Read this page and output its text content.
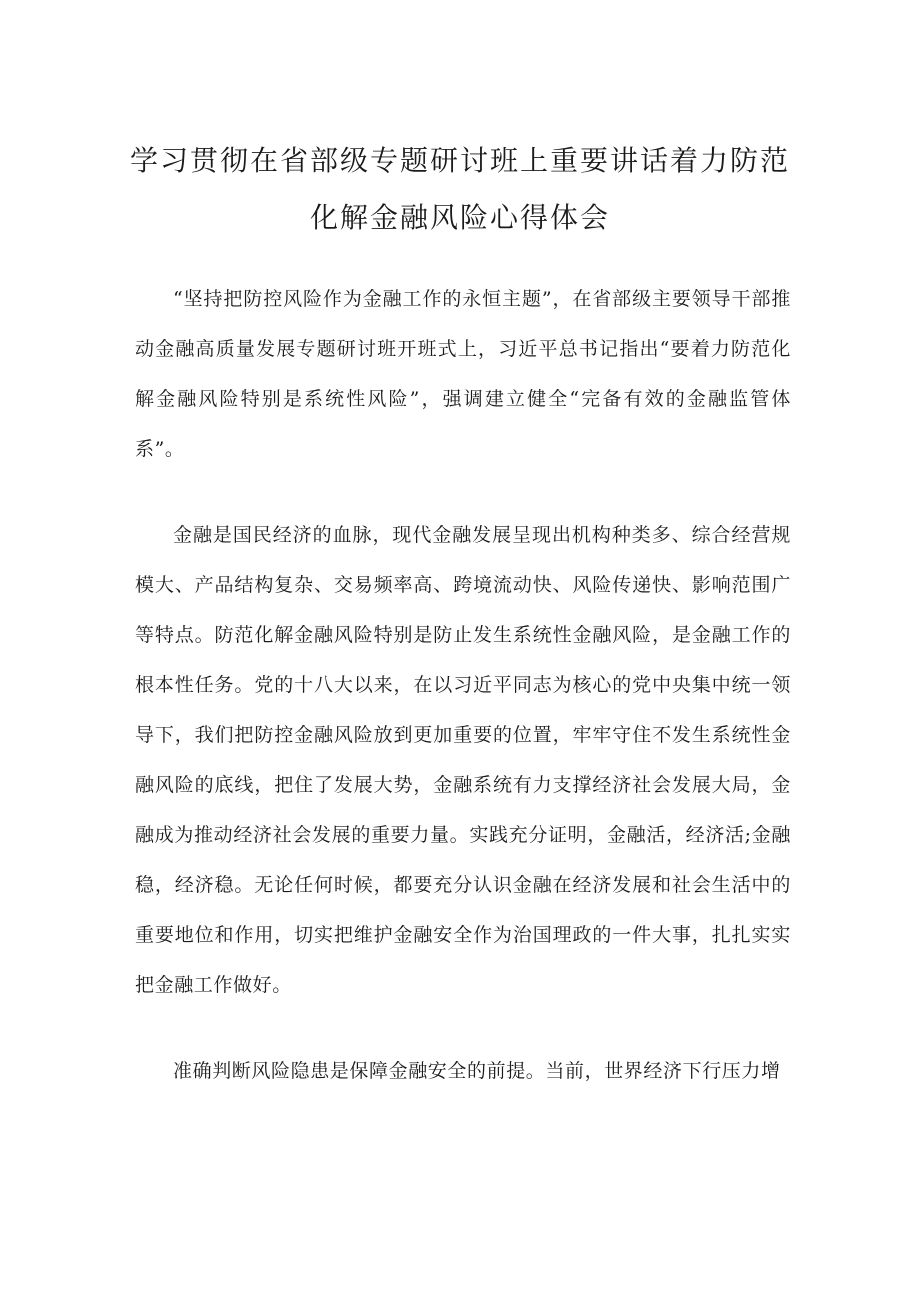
学习贯彻在省部级专题研讨班上重要讲话着力防范
化解金融风险心得体会

“坚持把防控风险作为金融工作的永恒主题”，在省部级主要领导干部推动金融高质量发展专题研讨班开班式上，习近平总书记指出“要着力防范化解金融风险特别是系统性风险”，强调建立健全“完备有效的金融监管体系”。

金融是国民经济的血脉，现代金融发展呈现出机构种类多、综合经营规模大、产品结构复杂、交易频率高、跨境流动快、风险传递快、影响范围广等特点。防范化解金融风险特别是防止发生系统性金融风险，是金融工作的根本性任务。党的十八大以来，在以习近平同志为核心的党中央集中统一领导下，我们把防控金融风险放到更加重要的位置，牢牢守住不发生系统性金融风险的底线，把住了发展大势，金融系统有力支撑经济社会发展大局，金融成为推动经济社会发展的重要力量。实践充分证明，金融活，经济活;金融稳，经济稳。无论任何时候，都要充分认识金融在经济发展和社会生活中的重要地位和作用，切实把维护金融安全作为治国理政的一件大事，扎扎实实把金融工作做好。

准确判断风险隐患是保障金融安全的前提。当前，世界经济下行压力增
